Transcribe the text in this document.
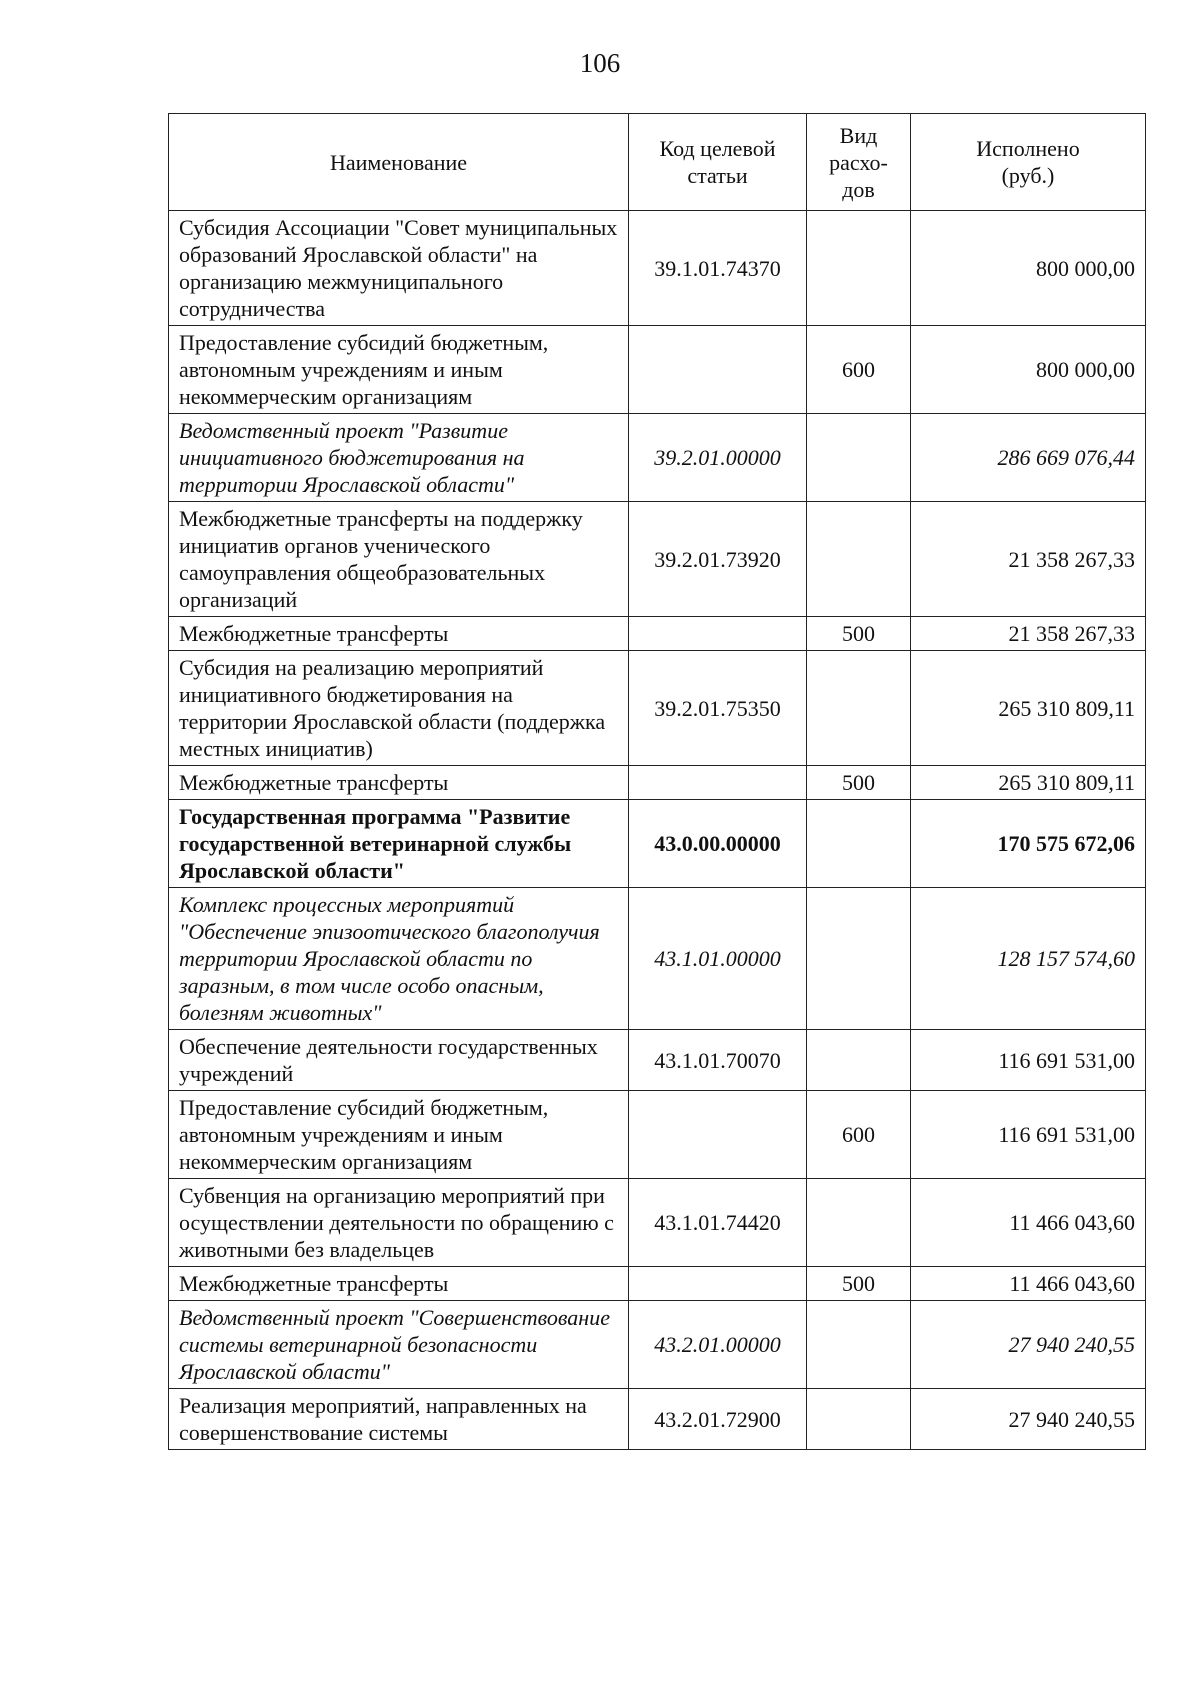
106
Наименование	Код целевой статьи	Вид расхо-дов	Исполнено (руб.)
Субсидия Ассоциации "Совет муниципальных образований Ярославской области" на организацию межмуниципального сотрудничества	39.1.01.74370		800 000,00
Предоставление субсидий бюджетным, автономным учреждениям и иным некоммерческим организациям		600	800 000,00
Ведомственный проект "Развитие инициативного бюджетирования на территории Ярославской области"	39.2.01.00000		286 669 076,44
Межбюджетные трансферты на поддержку инициатив органов ученического самоуправления общеобразовательных организаций	39.2.01.73920		21 358 267,33
Межбюджетные трансферты		500	21 358 267,33
Субсидия на реализацию мероприятий инициативного бюджетирования на территории Ярославской области (поддержка местных инициатив)	39.2.01.75350		265 310 809,11
Межбюджетные трансферты		500	265 310 809,11
Государственная программа "Развитие государственной ветеринарной службы Ярославской области"	43.0.00.00000		170 575 672,06
Комплекс процессных мероприятий "Обеспечение эпизоотического благополучия территории Ярославской области по заразным, в том числе особо опасным, болезням животных"	43.1.01.00000		128 157 574,60
Обеспечение деятельности государственных учреждений	43.1.01.70070		116 691 531,00
Предоставление субсидий бюджетным, автономным учреждениям и иным некоммерческим организациям		600	116 691 531,00
Субвенция на организацию мероприятий при осуществлении деятельности по обращению с животными без владельцев	43.1.01.74420		11 466 043,60
Межбюджетные трансферты		500	11 466 043,60
Ведомственный проект "Совершенствование системы ветеринарной безопасности Ярославской области"	43.2.01.00000		27 940 240,55
Реализация мероприятий, направленных на совершенствование системы	43.2.01.72900		27 940 240,55
